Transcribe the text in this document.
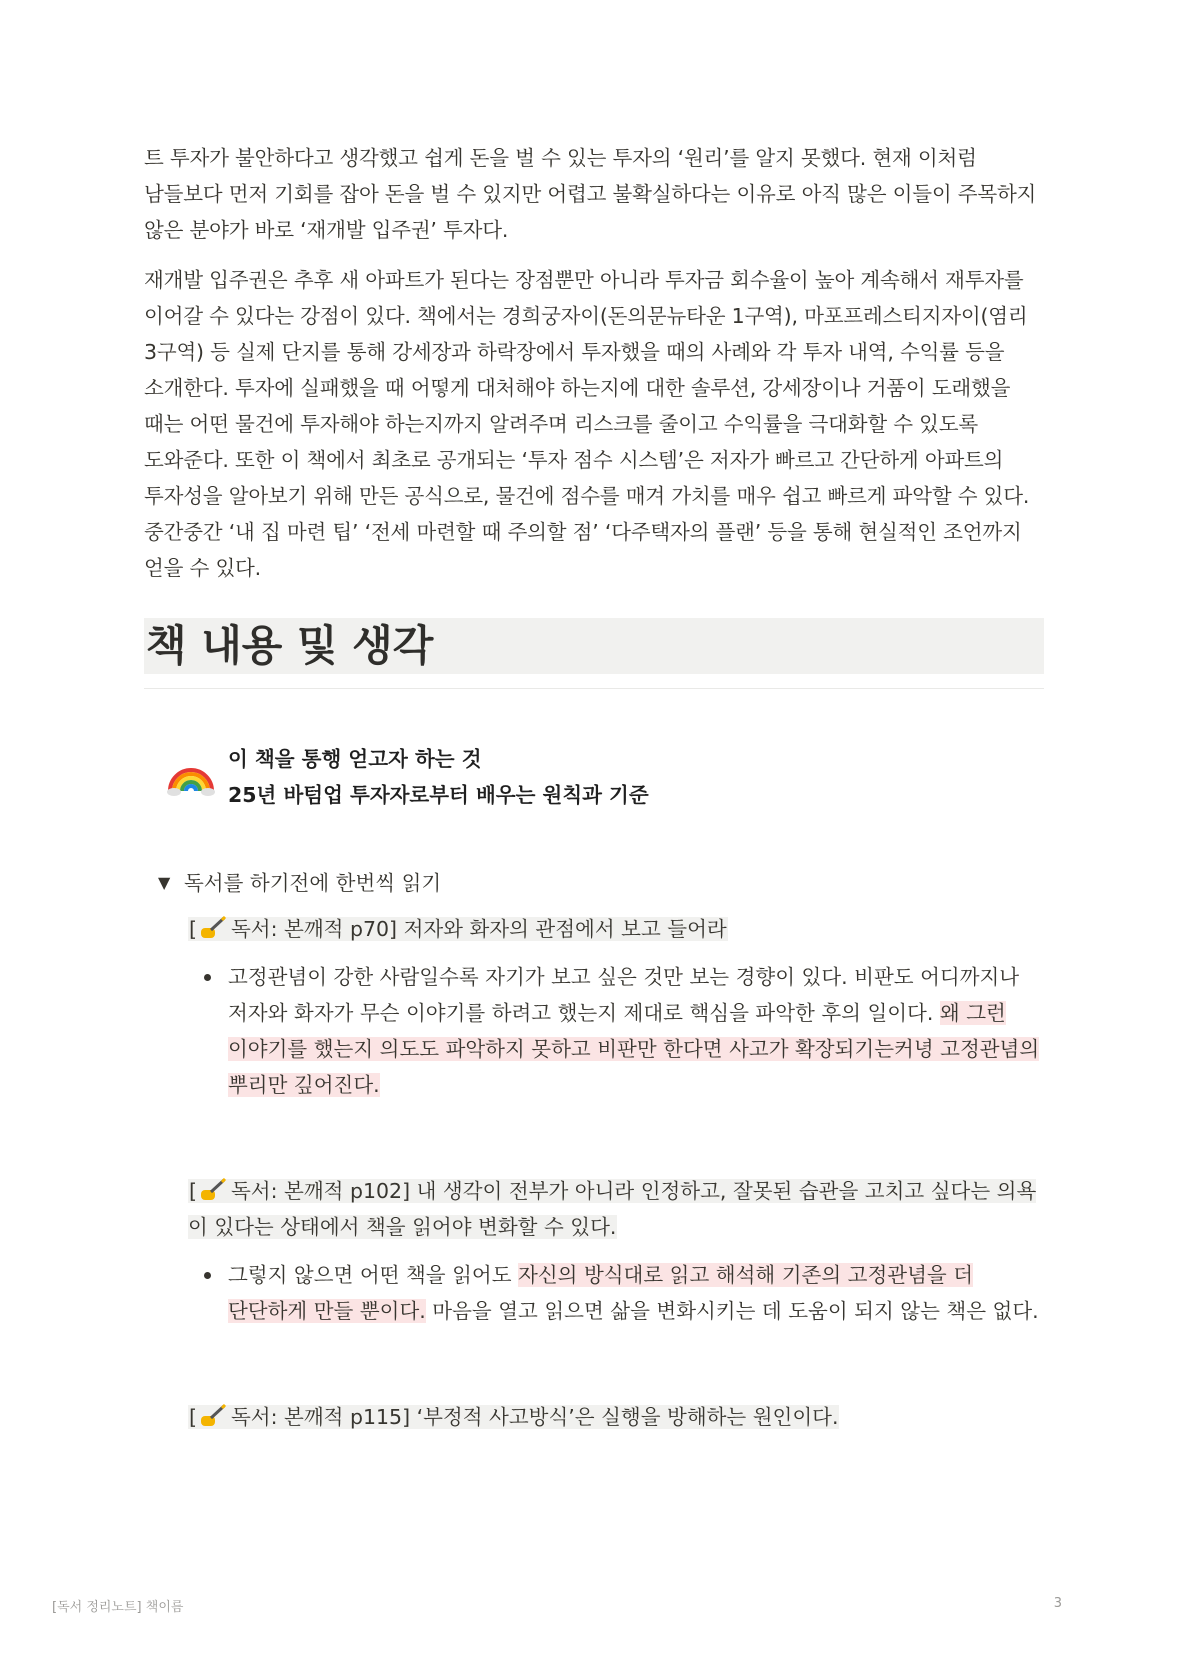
트 투자가 불안하다고 생각했고 쉽게 돈을 벌 수 있는 투자의 ‘원리’를 알지 못했다. 현재 이처럼 남들보다 먼저 기회를 잡아 돈을 벌 수 있지만 어렵고 불확실하다는 이유로 아직 많은 이들이 주목하지 않은 분야가 바로 ‘재개발 입주권’ 투자다.

재개발 입주권은 추후 새 아파트가 된다는 장점뿐만 아니라 투자금 회수율이 높아 계속해서 재투자를 이어갈 수 있다는 강점이 있다. 책에서는 경희궁자이(돈의문뉴타운 1구역), 마포프레스티지자이(염리 3구역) 등 실제 단지를 통해 강세장과 하락장에서 투자했을 때의 사례와 각 투자 내역, 수익률 등을 소개한다. 투자에 실패했을 때 어떻게 대처해야 하는지에 대한 솔루션, 강세장이나 거품이 도래했을 때는 어떤 물건에 투자해야 하는지까지 알려주며 리스크를 줄이고 수익률을 극대화할 수 있도록 도와준다. 또한 이 책에서 최초로 공개되는 ‘투자 점수 시스템’은 저자가 빠르고 간단하게 아파트의 투자성을 알아보기 위해 만든 공식으로, 물건에 점수를 매겨 가치를 매우 쉽고 빠르게 파악할 수 있다. 중간중간 ‘내 집 마련 팁’ ‘전세 마련할 때 주의할 점’ ‘다주택자의 플랜’ 등을 통해 현실적인 조언까지 얻을 수 있다.

책 내용 및 생각
이 책을 통행 얻고자 하는 것
25년 바텀업 투자자로부터 배우는 원칙과 기준
▼ 독서를 하기전에 한번씩 읽기
[ 독서: 본깨적 p70] 저자와 화자의 관점에서 보고 들어라
고정관념이 강한 사람일수록 자기가 보고 싶은 것만 보는 경향이 있다. 비판도 어디까지나 저자와 화자가 무슨 이야기를 하려고 했는지 제대로 핵심을 파악한 후의 일이다. 왜 그런 이야기를 했는지 의도도 파악하지 못하고 비판만 한다면 사고가 확장되기는커녕 고정관념의 뿌리만 깊어진다.
[ 독서: 본깨적 p102] 내 생각이 전부가 아니라 인정하고, 잘못된 습관을 고치고 싶다는 의욕이 있다는 상태에서 책을 읽어야 변화할 수 있다.
그렇지 않으면 어떤 책을 읽어도 자신의 방식대로 읽고 해석해 기존의 고정관념을 더 단단하게 만들 뿐이다. 마음을 열고 읽으면 삶을 변화시키는 데 도움이 되지 않는 책은 없다.
[ 독서: 본깨적 p115] ‘부정적 사고방식’은 실행을 방해하는 원인이다.
[독서 정리노트] 책이름	3
